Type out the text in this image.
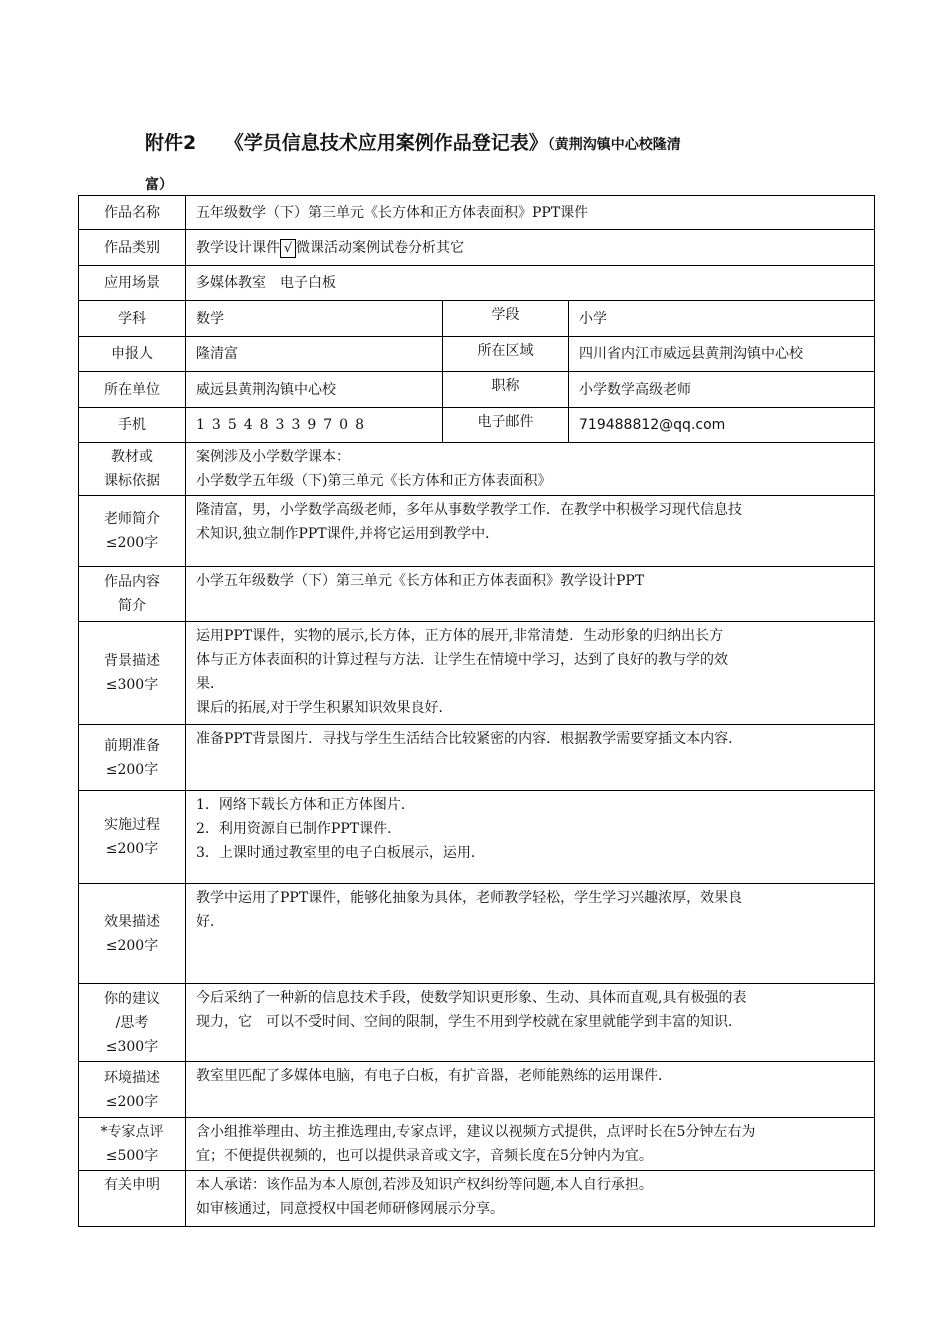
附件2　　《学员信息技术应用案例作品登记表》（黄荆沟镇中心校隆清
富）
作品名称	五年级数学（下）第三单元《长方体和正方体表面积》PPT课件		
作品类别	教学设计课件 √ 微课活动案例试卷分析其它		
应用场景	多媒体教室　电子白板		
学科	数学	学段	小学
申报人	隆清富	所在区域	四川省内江市威远县黄荆沟镇中心校
所在单位	威远县黄荆沟镇中心校	职称	小学数学高级老师
手机	13548339708	电子邮件	719488812@qq.com

教材或
课标依据	案例涉及小学数学课本：
小学数学五年级（下)第三单元《长方体和正方体表面积》		

老师简介
≤200字	隆清富，男，小学数学高级老师，多年从事数学教学工作．在教学中积极学习现代信息技
术知识,独立制作PPT课件,并将它运用到教学中．		

作品内容
简介	小学五年级数学（下）第三单元《长方体和正方体表面积》教学设计PPT		

背景描述
≤300字	运用PPT课件，实物的展示,长方体，正方体的展开,非常清楚．生动形象的归纳出长方
体与正方体表面积的计算过程与方法．让学生在情境中学习，达到了良好的教与学的效
果．
课后的拓展,对于学生积累知识效果良好．		

前期准备
≤200字	准备PPT背景图片．寻找与学生生活结合比较紧密的内容．根据教学需要穿插文本内容．		

实施过程
≤200字	1．网络下载长方体和正方体图片．
2．利用资源自已制作PPT课件．
3．上课时通过教室里的电子白板展示，运用．		

效果描述
≤200字	教学中运用了PPT课件，能够化抽象为具体，老师教学轻松，学生学习兴趣浓厚，效果良
好．		

你的建议
/思考
≤300字	今后采纳了一种新的信息技术手段，使数学知识更形象、生动、具体而直观,具有极强的表
现力，它　可以不受时间、空间的限制，学生不用到学校就在家里就能学到丰富的知识．		

环境描述
≤200字	教室里匹配了多媒体电脑，有电子白板，有扩音器，老师能熟练的运用课件．		

*专家点评
≤500字	含小组推举理由、坊主推选理由,专家点评，建议以视频方式提供，点评时长在5分钟左右为
宜；不便提供视频的，也可以提供录音或文字，音频长度在5分钟内为宜。		

有关申明	本人承诺：该作品为本人原创,若涉及知识产权纠纷等问题,本人自行承担。
如审核通过，同意授权中国老师研修网展示分享。		
